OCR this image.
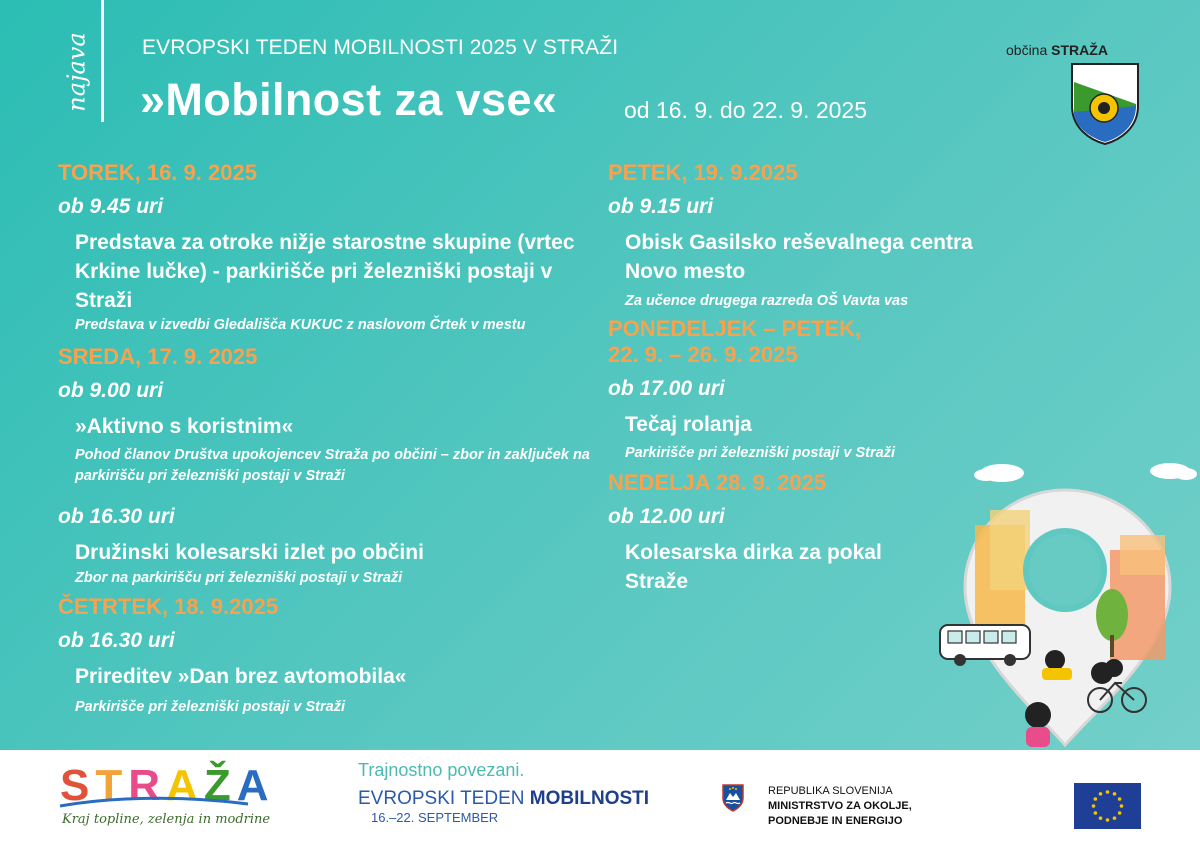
najava EVROPSKI TEDEN MOBILNOSTI 2025 V STRAŽI
»Mobilnost za vse«	od 16. 9. do 22. 9. 2025
občina STRAŽA
TOREK, 16. 9. 2025
ob 9.45 uri
Predstava za otroke nižje starostne skupine (vrtec Krkine lučke) - parkirišče pri železniški postaji v Straži
Predstava v izvedbi Gledališča KUKUC z naslovom Črtek v mestu
SREDA, 17. 9. 2025
ob 9.00 uri
»Aktivno s koristnim«
Pohod članov Društva upokojencev Straža po občini – zbor in zaključek na parkirišču pri železniški postaji v Straži
ob 16.30 uri
Družinski kolesarski izlet po občini
Zbor na parkirišču pri železniški postaji v Straži
ČETRTEK, 18. 9.2025
ob 16.30 uri
Prireditev »Dan brez avtomobila«
Parkirišče pri železniški postaji v Straži
PETEK, 19. 9.2025
ob 9.15 uri
Obisk Gasilsko reševalnega centra Novo mesto
Za učence drugega razreda OŠ Vavta vas
PONEDELJEK – PETEK,
22. 9. – 26. 9. 2025
ob 17.00 uri
Tečaj rolanja
Parkirišče pri železniški postaji v Straži
NEDELJA 28. 9. 2025
ob 12.00 uri
Kolesarska dirka za pokal Straže
STRAŽA
Kraj topline, zelenja in modrine
Trajnostno povezani.
EVROPSKI TEDEN MOBILNOSTI
16.–22. SEPTEMBER
REPUBLIKA SLOVENIJA
MINISTRSTVO ZA OKOLJE,
PODNEBJE IN ENERGIJO
